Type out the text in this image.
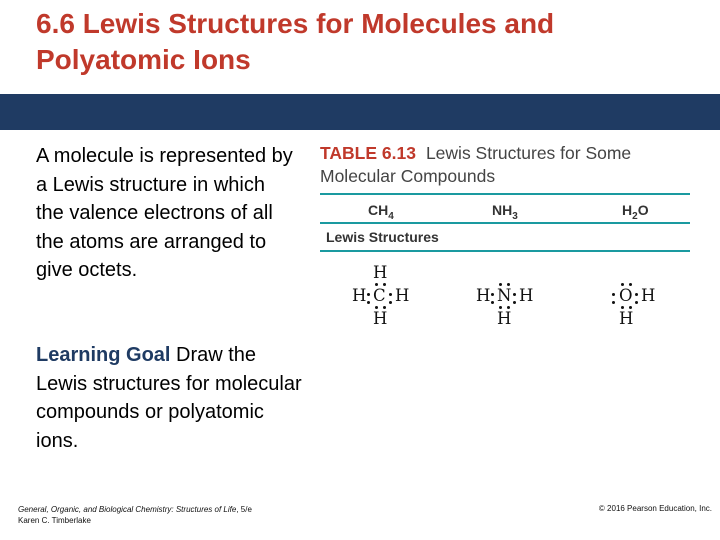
6.6 Lewis Structures for Molecules and
Polyatomic Ions

A molecule is represented by a Lewis structure in which the valence electrons of all the atoms are arranged to give octets.

Learning Goal Draw the Lewis structures for molecular compounds or polyatomic ions.

TABLE 6.13 Lewis Structures for Some Molecular Compounds
$CH_4$	$NH_3$	$H_2O$
Lewis Structures
H
H C H
H
H N H
H
O H
H
General, Organic, and Biological Chemistry: Structures of Life, 5/e
Karen C. Timberlake
© 2016 Pearson Education, Inc.
